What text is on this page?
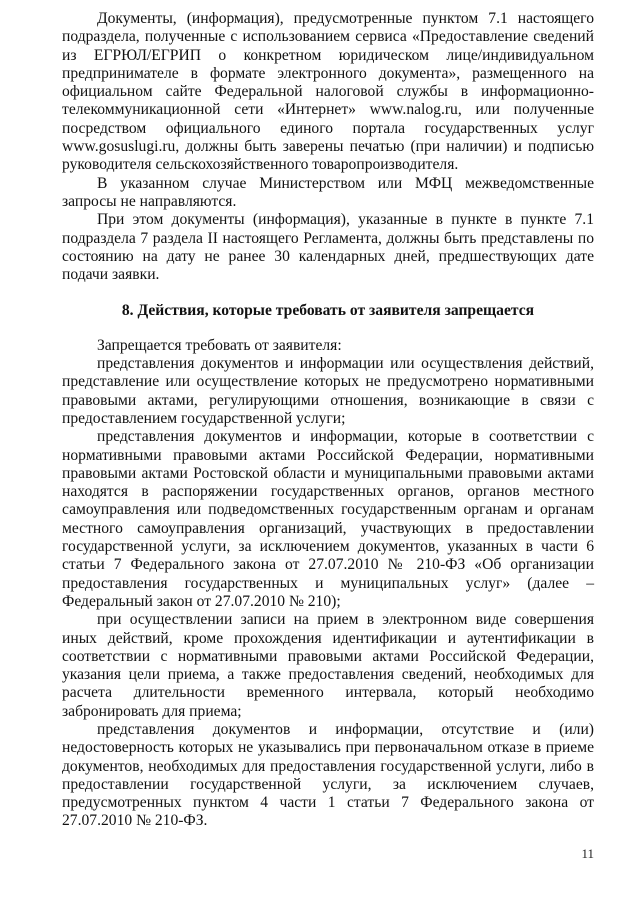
Документы, (информация), предусмотренные пунктом 7.1 настоящего подраздела, полученные с использованием сервиса «Предоставление сведений из ЕГРЮЛ/ЕГРИП о конкретном юридическом лице/индивидуальном предпринимателе в формате электронного документа», размещенного на официальном сайте Федеральной налоговой службы в информационно-телекоммуникационной сети «Интернет» www.nalog.ru, или полученные посредством официального единого портала государственных услуг www.gosuslugi.ru, должны быть заверены печатью (при наличии) и подписью руководителя сельскохозяйственного товаропроизводителя.

В указанном случае Министерством или МФЦ межведомственные запросы не направляются.

При этом документы (информация), указанные в пункте в пункте 7.1 подраздела 7 раздела II настоящего Регламента, должны быть представлены по состоянию на дату не ранее 30 календарных дней, предшествующих дате подачи заявки.

8. Действия, которые требовать от заявителя запрещается

Запрещается требовать от заявителя:

представления документов и информации или осуществления действий, представление или осуществление которых не предусмотрено нормативными правовыми актами, регулирующими отношения, возникающие в связи с предоставлением государственной услуги;

представления документов и информации, которые в соответствии с нормативными правовыми актами Российской Федерации, нормативными правовыми актами Ростовской области и муниципальными правовыми актами находятся в распоряжении государственных органов, органов местного самоуправления или подведомственных государственным органам и органам местного самоуправления организаций, участвующих в предоставлении государственной услуги, за исключением документов, указанных в части 6 статьи 7 Федерального закона от 27.07.2010 № 210-ФЗ «Об организации предоставления государственных и муниципальных услуг» (далее – Федеральный закон от 27.07.2010 № 210);

при осуществлении записи на прием в электронном виде совершения иных действий, кроме прохождения идентификации и аутентификации в соответствии с нормативными правовыми актами Российской Федерации, указания цели приема, а также предоставления сведений, необходимых для расчета длительности временного интервала, который необходимо забронировать для приема;

представления документов и информации, отсутствие и (или) недостоверность которых не указывались при первоначальном отказе в приеме документов, необходимых для предоставления государственной услуги, либо в предоставлении государственной услуги, за исключением случаев, предусмотренных пунктом 4 части 1 статьи 7 Федерального закона от 27.07.2010 № 210-ФЗ.

11
